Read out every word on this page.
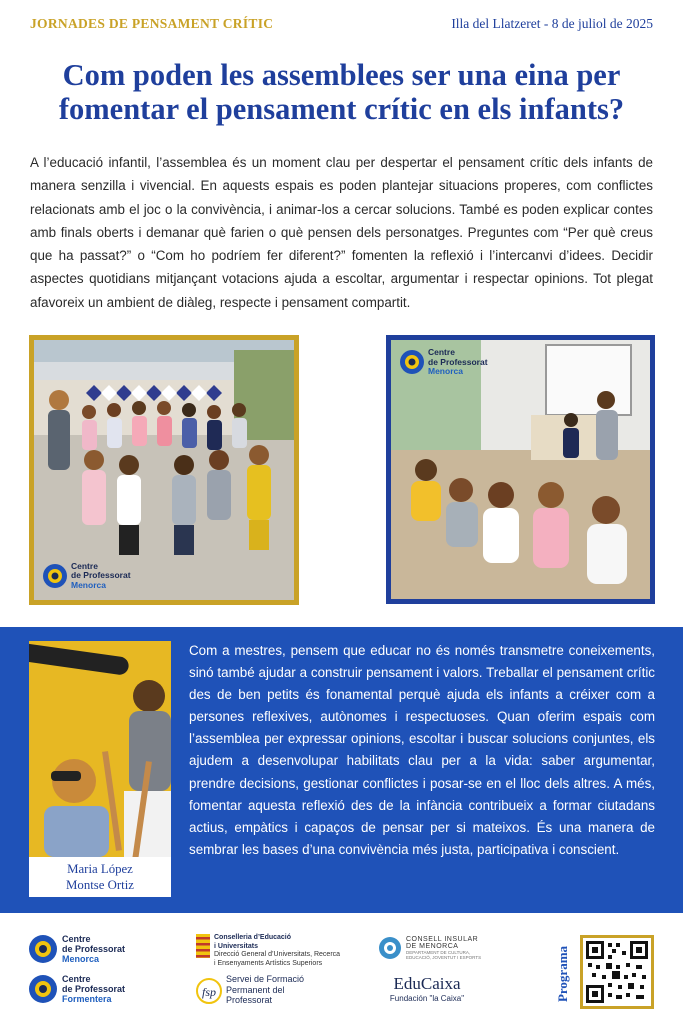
JORNADES DE PENSAMENT CRÍTIC	Illa del Llatzeret - 8 de juliol de 2025
Com poden les assemblees ser una eina per
fomentar el pensament crític en els infants?

A l’educació infantil, l’assemblea és un moment clau per despertar el pensament crític dels infants de manera senzilla i vivencial. En aquests espais es poden plantejar situacions properes, com conflictes relacionats amb el joc o la convivència, i animar-los a cercar solucions. També es poden explicar contes amb finals oberts i demanar què farien o què pensen dels personatges. Preguntes com “Per què creus que ha passat?” o “Com ho podríem fer diferent?” fomenten la reflexió i l’intercanvi d’idees. Decidir aspectes quotidians mitjançant votacions ajuda a escoltar, argumentar i respectar opinions. Tot plegat afavoreix un ambient de diàleg, respecte i pensament compartit.

Centre
de Professorat
Menorca
Centre
de Professorat
Menorca
Maria López
Montse Ortiz

Com a mestres, pensem que educar no és només transmetre coneixements, sinó també ajudar a construir pensament i valors. Treballar el pensament crític des de ben petits és fonamental perquè ajuda els infants a créixer com a persones reflexives, autònomes i respectuoses. Quan oferim espais com l’assemblea per expressar opinions, escoltar i buscar solucions conjuntes, els ajudem a desenvolupar habilitats clau per a la vida: saber argumentar, prendre decisions, gestionar conflictes i posar-se en el lloc dels altres. A més, fomentar aquesta reflexió des de la infància contribueix a formar ciutadans actius, empàtics i capaços de pensar per si mateixos. És una manera de sembrar les bases d’una convivència més justa, participativa i conscient.

Centre
de Professorat
Menorca
Centre
de Professorat
Formentera
Conselleria d’Educació
i Universitats
Direcció General d’Universitats, Recerca
i Ensenyaments Artístics Superiors
fsp
Servei de Formació
Permanent del
Professorat
CONSELL INSULAR
DE MENORCA
DEPARTAMENT DE CULTURA, EDUCACIÓ, JOVENTUT I ESPORTS
EduCaixa
Fundación "la Caixa"	Programa
